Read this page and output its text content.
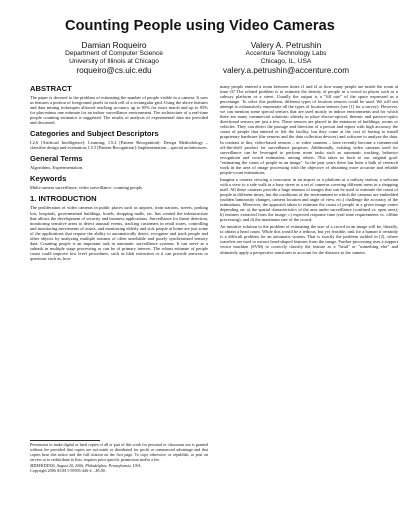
Counting People using Video Cameras
Damian Roqueiro
Department of Computer Science
University of Illinois at Chicago
roqueiro@cs.uic.edu
Valery A. Petrushin
Accenture Technology Labs
Chicago, IL, USA
valery.a.petrushin@accenture.com
ABSTRACT

The paper is devoted to the problem of estimating the number of people visible in a camera. It uses as features a portion of foreground pixels in each cell of a rectangular grid. Using the above features and data mining techniques allowed reaching accuracy up to 85% for exact match and up to 95% for plus-minus one estimate for an indoor surveillance environment. The architecture of a real-time people counting estimator is suggested. The results of analysis of experimental data are provided and discussed.

Categories and Subject Descriptors

I.2.6 [Artificial Intelligence]: Learning; I.5.2 [Pattern Recognition]: Design Methodology – classifier design and evaluation; I.5.5 [Pattern Recognition]: Implementation – special architectures.

General Terms

Algorithms, Experimentation.

Keywords

Multi-camera surveillance, video surveillance, counting people.

1. INTRODUCTION

The proliferation of video cameras in public places such as airports, train stations, streets, parking lots, hospitals, governmental buildings, hotels, shopping malls, etc. has created the infrastructure that allows the development of security and business applications. Surveillance for threat detection, monitoring sensitive areas to detect unusual events, tracking customers in retail stores, controlling and monitoring movements of assets, and monitoring elderly and sick people at home are just some of the applications that require the ability to automatically detect, recognize and track people and other objects by analyzing multiple streams of often unreliable and poorly synchronized sensory data. Counting people is an important task in automatic surveillance systems. It can serve as a subtask in multiple stage processing or can be of primary interest. The robust estimate of people count could improve low level procedures, such as blob extraction or it can provide answers to questions such as, how

many people entered a room between times t1 and t2 or how many people are inside the room at time t3? The related problem is to estimate the density of people in a crowd in places such as a subway platform or a street. Usually the output is a "fill rate" of the space expressed as a percentage. To solve this problem, different types of location sensors could be used. We will not attempt to exhaustively enumerate all the types of location sensors (see [1] for a survey). However, we can mention some special sensors that are used mostly in indoor environments and for which there are many commercial solutions: already in place electro-optical, thermic and passive-optics directional sensors are just a few. These sensors are placed in the entrances of buildings, rooms or vehicles. They can detect the passage and direction of a person and report with high accuracy the count of people that entered or left the facility, but they come at the cost of having to install proprietary hardware (the sensors and the data collection devices) and software to analyze the data. In contrast to this, video-based sensors – or video cameras – have recently become a commercial off-the-shelf product for surveillance purposes. Additionally, existing video cameras used for surveillance can be leveraged to perform more tasks such as automatic tracking, behavior recognition and crowd estimation, among others. This takes us back to our original goal: "estimating the count of people in an image". In the past years there has been a bulk of research work in the area of image processing with the objective of obtaining more accurate and reliable people-count estimations.

Imagine a camera viewing a concourse in an airport or a platform at a railway station; a webcam with a view to a side walk in a busy street or a set of cameras covering different areas in a shopping mall. All these cameras provide a huge amount of images that can be used to estimate the count of people at different times, but the conditions of the environment in which the cameras are embedded (sudden luminosity changes, camera location and angle of view, etc.) challenge the accuracy of the estimations. Moreover, the approach taken to estimate the count of people in a given image varies depending on: a) the spatial characteristics of the area under surveillance (confined vs. open area); b) features extracted from the image; c) expected response time (real time requirements vs. offline processing); and d) the maximum size of the crowd.

An intuitive solution to the problem of estimating the size of a crowd in an image will be, literally, to obtain a head count. While this would be a tedious, but yet feasible, task for a human it certainly is a difficult problem for an automatic system. That is exactly the problem tackled in [2], where wavelets are used to extract head-shaped features from the image. Further processing uses a support vector machine (SVM) to correctly classify the feature as a "head" or "something else" and ultimately apply a perspective transform to account for the distance to the camera.

Permission to make digital or hard copies of all or part of this work for personal or classroom use is granted without fee provided that copies are not made or distributed for profit or commercial advantage and that copies bear this notice and the full citation on the first page. To copy otherwise, or republish, to post on servers or to redistribute to lists, requires prior specific permission and/or a fee.
MDM/KDD'06, August 20, 2006, Philadelphia, Pennsylvania, USA.
Copyright 2006 ACM 1-59593-446-4 ...$5.00.
